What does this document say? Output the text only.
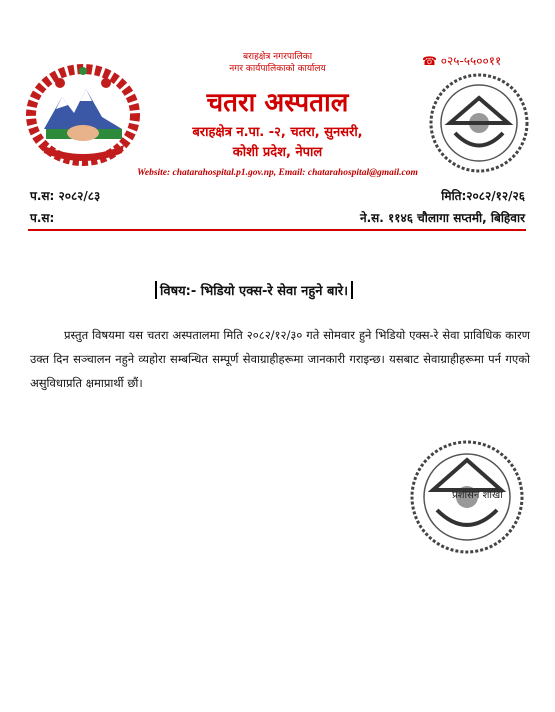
बराहक्षेत्र नगरपालिका
नगर कार्यपालिकाको कार्यालय
☎ ०२५-५५००११
चतरा अस्पताल
बराहक्षेत्र न.पा. -२, चतरा, सुनसरी,
कोशी प्रदेश, नेपाल
Website: chatarahospital.p1.gov.np, Email: chatarahospital@gmail.com
प.स: २०८२/८३	मिति:२०८२/१२/२६
प.स:	ने.स. ११४६ चौलागा सप्तमी, बिहिवार
विषय:- भिडियो एक्स-रे सेवा नहुने बारे।
प्रस्तुत विषयमा यस चतरा अस्पतालमा मिति २०८२/१२/३० गते सोमवार हुने भिडियो एक्स-रे सेवा प्राविधिक कारण उक्त दिन सञ्चालन नहुने व्यहोरा सम्बन्धित सम्पूर्ण सेवाग्राहीहरूमा जानकारी गराइन्छ। यसबाट सेवाग्राहीहरूमा पर्न गएको असुविधाप्रति क्षमाप्रार्थी छौं।
प्रशासन शाखा
